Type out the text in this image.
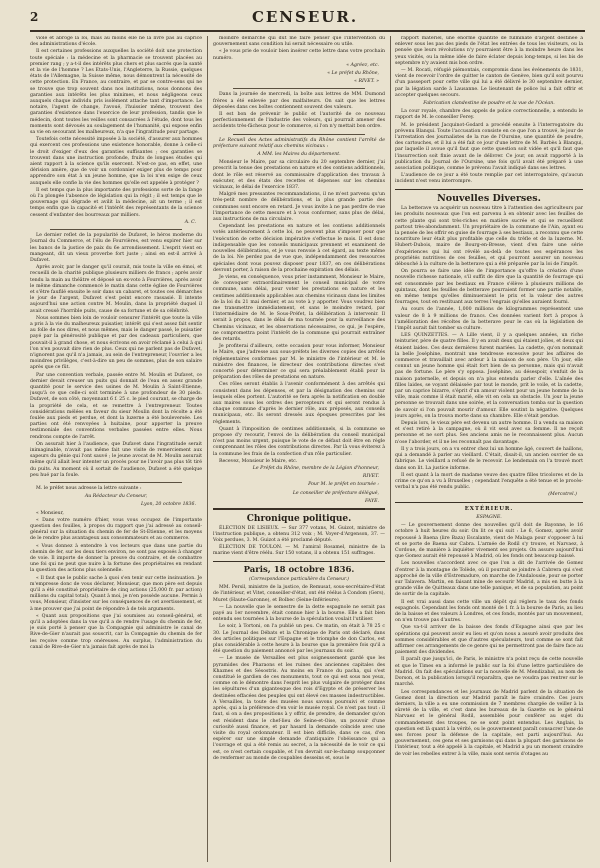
2	CENSEUR.

viole et abroge la loi, mais au moins elle ne la livre pas au caprice des administrations d'école.

Il est certaines professions auxquelles la société doit une protection toute spéciale : la médecine et la pharmacie se trouvent placées au premier rang ; y a-t-il des intérêts plus chers et plus sacrés que la santé et la vie de l'homme ? Les Etats-Unis, l'Angleterre, la Russie, quelques états de l'Allemagne, la Suisse même, nous démontrent la nécessité de cette protection. En France, au contraire, et par se contre-sens qui ne se trouve que trop souvent dans nos institutions, nous donnons des garanties aux intérêts les plus minimes, et nous négligeons ceux auxquels chaque individu pris isolément attache tant d'importance. Le notaire, l'agent de change, l'avoué, l'huissier même, trouvent des garanties d'existence dans l'exercice de leur profession, tandis que le médecin, dont toutes les veilles sont consacrées à l'étude, dont tous les moments sont dévoués au soulagement de l'humanité, qui expose enfin sa vie en secourant les malheureux, n'a que l'ingratitude pour partage.

Toutefois cette nécessité imposée à la société, d'assurer aux hommes qui exercent ces professions une existence honorable, donne à celle-ci le droit d'exiger d'eux des garanties suffisantes ; ces garanties se trouvent dans une instruction profonde, fruits de longues études qui aient rapport à la science qu'ils exercent. N'est-ce pas, en effet, une dérision amère, que de voir un cordonnier exiger plus de temps pour apprendre son état à un jeune homme, que la loi n'en exige de ceux auxquels elle confie la vie des hommes qu'elle est appelée à protéger ?

Il est temps que la plus importante des professions sorte de la fange où l'a plongée l'absence de législation qui la régit ; il est temps que le gouvernage qui dégrade et avilit la médecine, ait un terme ; il est temps enfin que la capacité et l'intérêt des représentants de la science cessent d'enfanter des bourreaux par milliers.

A. C.

Le dernier reflet de la popularité de Dufavet, le héros moderne du Journal du Commerce, et l'élu de Fourvières, est venu expirer hier sur les bancs de la justice de paix du 6e arrondissement. L'esprit vient en mangeant, dit un vieux proverbe fort juste ; ainsi en est-il arrivé à Dufavet.

Après avoir, par le danger qu'il courait, mis toute la ville en émoi, et recueilli de la charité publique plusieurs milliers de francs ; après avoir tendu la main au théâtre et déposé un ex-voto à Fourvières, après avoir le même dimanche commencé le matin dans cette église de Fourvières et s'être faufilé ensuite le soir dans un cabaret, et toutes ces démarches le jour de l'argent, Dufavet s'est peint encore rassasié. Il intente aujourd'hui une action contre M. Moulin, dans la propriété duquel il avait creusé l'horrible puits, cause de sa fortune et de sa célébrité.

Nous sommes bien loin de vouloir censurer l'intérêt que toute la ville a pris à la vie du malheureux puisatier, intérêt qui s'est assez fait sentir au folle de nos dires, et nous mêmes, mais le danger passé, le puisatier payé par la générosité publique et par des cadeaux particuliers, que pouvait-il à grand chose, et nous écrivons en avoir réclamé à celui à qui l'on n'en pouvait dire rien de plus. Ceux qui ne parlent pas de Dufavet, n'ignorent pas qu'il n'a jamais, au sein de l'entrepreneur, l'ouvrier a les moindres privilèges, c'est-à-dire un peu de sommes, plus de son salaire après que ce fût.

Par une convention verbale, passée entre M. Moulin et Dufavet, ce dernier devait creuser un puits qui donnait de l'eau en assez grande quantité pour le service des usines de M. Moulin à Saint-Etienne, jusqu'à ce que celle-ci soit terminée à une profondeur de 30 pieds. Dufavet, de son côté, moyennant 6 f. 25 c. le pied courant, se charge de la propriété de cela, et se remettre à l'entrepreneur. Toutes considérations mélées en faveur du sieur Moulin dont la récolte a été foulée aux pieds et perdue, et dont la luzerne a été bouleversée. Les parties ont été renvoyées à huitaine, pour apporter la preuve testimoniale des conventions verbales passées entre elles. Nous rendrons compte de l'arrêt.

On assurait hier à l'audience, que Dufavet dans l'ingratitude serait inimaginable, n'avait pas même fait une visite de remerciement aux sapeurs du génie qui l'ont sauvé ; le jeune avocat de M. Moulin assurait même qu'il allait leur intenter un procès pour ne l'avoir pas plus tôt tiré du puits. Au moment où il sortait de l'audience, Dufavet a été quelque peu hué par la foule.

M. le préfet nous adresse la lettre suivante :

Au Rédacteur du Censeur,
Lyon, 20 octobre 1836.

« Monsieur,

« Dans votre numéro d'hier, vous vous occupez de l'importante question des fouilles, à propos du rapport que j'ai adressé au conseil-général sur la situation du chemin de fer de St-Etienne, et les moyens de le rendre plus avantageux aux consommateurs et au commerce.

« Vous donnez à entendre à vos lecteurs que dans une partie du chemin de fer, sur les deux tiers environ, ne sont pas exposés à changer de voie. Il importe de donner la preuve du contraire, et de combattre une foi qui ne peut que nuire à la fortune des propriétaires en rendant la question des actions plus solennelle.

« Il faut que le public sache à quoi s'en tenir sur cette insinuation. Je m'empresse donc de vous déclarer, Monsieur, que mon père est depuis qu'il a été constitué propriétaire de cinq actions (25,000 fr. par action) millions du capital total). Quant à moi, je n'en possède aucune. Permis à vous, Monsieur, d'insister sur les conséquences de cet avertissement, et à me prouver que j'ai point de répondre à de tels arguments.

« Quant aux propositions que j'ai soumises au conseil-général, et qu'il a adoptées dans la vue qu'il a de rendre l'usage du chemin de fer, je suis porté à penser que la Compagnie qui administre le canal de Rive-de-Gier n'aurait pas souscrit, car la Compagnie du chemin de fer les reçoive comme trop onéreuses. Au surplus, l'administration du canal de Rive-de-Gier n'a jamais fait après de moi la

moindre démarche qui dût me faire penser que l'intervention du gouvernement sans condition lui serait nécessaire ou utile.

« Je vous prie de vouloir bien insérer cette lettre dans votre prochain numéro.

« Agréez, etc.
« Le préfet du Rhône,
« RIVET. »

Dans la journée de mercredi, la boîte aux lettres de MM. Dumond frères a été enlevée par des malfaiteurs. On sait que les lettres déposées dans ces boîtes contiennent souvent des valeurs.

Il est bon de prévenir le public et l'autorité de ce nouveau perfectionnement de l'industrie des voleurs, qui pourrait amener des accidents très-fâcheux pour le commerce, si l'on n'y mettait bon ordre.

Le Recueil des Actes administratifs du Rhône contient l'arrêté de préfecture suivant relatif aux chemins vicinaux :

A MM. les Maires du département.

Monsieur le Maire, par sa circulaire du 20 septembre dernier, j'ai prescrit la tenue des prestations en nature et des contiens additionnels, dont le rôle est réservé au commissaire d'application des travaux à exécuter, et des états des recettes et dépenses sur les chemins vicinaux, le délai de l'exercice 1837.

Malgré mes pressantes recommandations, il ne m'est parvenu qu'un très-petit nombre de délibérations, et la plus grande partie des communes sont encore en retard. Je vous invite à ne pas perdre de vue l'importance de cette mesure et à vous conformer, sans plus de délai, aux instructions de ma circulaire.

Cependant les prestations en nature et les contiens additionnels votés antérieurement à cette loi, ne peuvent plus s'imposer pour que l'exécution de cette décision impérative s'effectue le mois. Il est donc indispensable que les conseils municipaux prennent et examinent de nouvelles délibérations, et je vous renvoie à cet égard, au texte même de la loi. Ne perdez pas de vue que, indépendamment des ressources spéciales dont vous pouvez disposer pour 1837, en ces délibérations devront porter, à raison de la prochaine expiration des délais.

Je viens, en conséquence, vous prier instamment, Monsieur le Maire, de convoquer extraordinairement le conseil municipal de votre commune, sans délai, pour voter les prestations en nature et les centimes additionnels applicables aux chemins vicinaux dans les limites de la loi du 21 mai dernier, et au vote à y apporter. Vous voudrez bien me transmettre immédiatement, et sans le moindre retard, par l'intermédiaire de M. le Sous-Préfet, la délibération à intervenir. Il serait à propos, dans le délai de ma tournée pour la surveillance des Chemins vicinaux, et les observations nécessaires, ce qui, je l'espère, ne compromettra point l'intérêt de la commune qui pourrait entraîner des retards.

Je profiterai d'ailleurs, cette occasion pour vous informer, Monsieur le Maire, que j'adresse aux sous-préfets les diverses copies des arrêtés réglementaires conformes par M. le ministre de l'intérieur et M. le ministre des finances, le directeur des contributions directes s'est concerté pour déterminer ce qui sera préalablement établi pour la préparation des rôles de prestations en nature.

Ces rôles seront établis à l'avenir conformément à des arrêtés qui consistent dans les dépenses, et par la désignation des chemins sur lesquels elles portent. L'autorité se fera après la notification en double aux maires sous les ordres des percepteurs et qui seront rendus à chaque commune d'après le dernier rôle, aux préposés, aux conseils municipaux, etc. Ils seront dressés aux époques prescrites par les règlements.

Quant à l'imposition de centimes additionnels, si la commune se propose d'y recourir, l'envoi de la délibération du conseil municipal n'est pas moins urgent, puisque le vote de ce défaut doit être en règle comprennant les rôles des contributions directes. Par là vous éviterez à la commune les frais de la confection d'un rôle particulier.

Recevez, Monsieur le Maire, etc.

Le Préfet du Rhône, membre de la Légion d'honneur,
RIVET.
Pour M. le préfet en tournée :
Le conseiller de préfecture délégué,
FAYE.
Chronique politique.

ÉLECTION DE LISIEUX. — Sur 377 votans, M. Guizot, ministre de l'instruction publique, a obtenu 312 voix ; M. Voyer-d'Argenson, 37. — Voix perdues, 3. M. Guizot a été proclamé député.

ÉLECTION DE TOULON. — M. l'amiral Rosamel, ministre de la marine vient d'être réélu. Sur 150 votans, il a obtenu 151 suffrages.

Paris, 18 octobre 1836.
(Correspondance particulière du Censeur.)

MM. Persil, ministre de la justice, de Remusat, sous-secrétaire-d'état de l'intérieur, et Vitet, conseiller-d'état, ont été réélus à Condom (Gers), Muret (Haute-Garonne), et Bolbec (Seine-Inférieure).

— La nouvelle que le semestre de la dette espagnole ne serait pas payé au 1er novembre, était connue hier à la bourse. Elle a fait bien entendu ses tournées à la bourse de la spéculation voulait l'utiliser.

Le soir, à Tortoni, on l'a publié un peu. Ce matin, on était à 78 25 c 30. Le Journal des Débats et la Chronique de Paris ont déclaré, dans des articles politiques sur l'Espagne et le triomphe de don Carlos, est plus considérable à cette heure à la bourse que la première fois qu'il a été question du paiement annoncé par les journaux du soir.

— Le musée de Versailles est plus soigneusement gardé que les pyramides des Pharaons et les ruines des anciennes capitales des Khaznes et des Sésostris. Au moins en France du pacha, qui s'est constitué le gardien de ces monuments, tout ce qui est sous nos yeux, comme on le démontre dans l'esprit les plus vulgaire de protéger dans les sépultures d'un gigantesque des rois d'Egypte et de préserver les destinées effacées des peuples qui ont élevé ces masses indestructibles. A Versailles, la toute des musées nous savons poursuivi et comme après, qui a la préférence d'en voir le musée royal. Ce n'est pas tout : il faut, si on a des propositions à y offrir, de prendre, de demander qu'on est résident dans le chef-lieu de Seine-et-Oise, un pouvoir d'une curiosité aussi finance, et par hasard la demande coïncide avec une visite du royal ordonnateur. Il est bien difficile, dans ce cas, d'en espérer sur une simple demande d'antiquaire l'obéissance qui a l'ouvrage et qui a été remis au secret, a la nécessité de le voir ce qui est, ce n'est certain coupable, et l'on devrait sur-le-champ soupçonner de renfermer au monde de coupables desseins et, sous le

rapport matériel, une énorme quantité de fulminate d'argent destinée à enlever sous les pas des pieds de l'état les entrées de tous les visiteurs, ou la pensée que leurs révolutions n'y pourraient être à la moindre heure dans les yeux visités, ou la même idée de faire éclater depuis long-temps, si les bis de septembre n'y avaient mis bon ordre.

— M. Rocati, réfugié piémontais, compromis dans les événements de 1831, vient de recevoir l'ordre de quitter le canton de Genève, bien qu'il soit pourvu d'un passeport pour cette ville qui lui a été délivré le 30 septembre dernier, par la légation sarde à Lausanne. Le lieutenant de police lui a fait offrir et accepter quelques secours.

Fabrication clandestine de poudre et la vue de l'Océan.

La cour royale, chambre des appels de police correctionnelle, a entendu le rapport de M. le conseiller Ferey.

M. le président Jacquinot-Godard a procédé ensuite à l'interrogatoire du prévenu Blanqui. Toute l'accusation consiste en ce que l'on a trouvé, le jour de l'arrestation des journalistes de la rue de l'Oursine, une quantité de poudre, des cartouches, et il lui a été fait ce jour d'une lettre de M. Barbès à Blanqui, par laquelle il avoue qu'il faut que cette question soit vidée et qu'il faut que l'insurrection soit finie avant de le délivrer. Ce jour, on avait rapporté à la publication du Journal de l'Oursine, une fois qu'il avait été préparé à une association politique, comme le prévenu l'avait indiqué dans ses lettres.

L'audience de ce jour a été toute remplie par cet interrogatoire, qu'aucun incident n'est venu interrompre.

Nouvelles Diverses.

La betterave va acquérir un nouveau titre à l'attention des agriculteurs par les produits nouveaux que l'on est parvenu à en obtenir avec les feuilles de cette plante qui sont très-riches en matière sucrée et qui se recueillent partout très-abondamment. Un propriétaire de la commune de l'Ain, ayant eu la pensée de les offrir en guise de fourrage à ses bestiaux, a reconnu que cette nourriture leur était plus profitable que celle du trèfle et de la luzerne. M. Hubert-Dubois, maire de Bourg-en-Bresse, vient d'en faire une série d'expériences qui lui ont révélé au-delà de toutes ses espérances les propriétés nutritives de ces feuilles, et qui pourront assurer un nouveau débouché à la culture de la betterave qui a été préparée par la loi de l'impôt.

On pourra se faire une idée de l'importance qu'offre la création d'une nouvelle richesse nationale, s'il suffit de dire que la quantité de fourrage qui est consommée par les bestiaux en France s'élève à plusieurs millions de quintaux, dont les feuilles de betterave pourraient former une partie notable, en même temps qu'elles diminueraient le prix et la valeur des autres fourrages, tout en restituant aux terres l'engrais qu'elles auraient fourni.

Au cours de l'année, 1,000 millions de kilogrammes représentent une valeur de 8 à 9 millions de francs. Ces données varient fort à propos à l'amélioration des récoltes de la betterave pour le cas où la législation de l'impôt aurait fait tomber sa culture.

LES QUINZETTES. — A Lille vient, il y a quelques années, un riche teinturier, père de quatre filles. Il y en avait deux qui étaient jolies, et deux qui étaient laides. Ces deux dernières furent mariées. La cadette, qu'on nommait la belle Joséphine, montrait une tendresse excessive pour les affaires de commerce et travaillait avec ardeur à la maison de son père. Un jour, elle connut un jeune homme qui était fort bien de sa personne, mais qui n'avait pas de fortune. Le père s'y opposa. Joséphine, au désespoir, s'enfuit de la maison paternelle, et depuis on n'a plus entendu parler d'elle. L'aînée des filles laides, se voyant délaissée par tout le monde, prit le voile, et la cadette, par un caprice bizarre, s'éprit d'un amour violent pour un jeune homme de la ville, mais comme il était marié, elle vit en cela un obstacle. Un jour la jeune personne se trouvait dans une soirée, et la conversation tomba sur la question de savoir si l'on pouvait mourir d'amour. Elle soutint la négative. Quelques jours après, on la trouva morte dans sa chambre. Elle s'était pendue.

Depuis lors, le vieux père est devenu un autre homme. Il a vendu sa maison et s'est retiré à la campagne, où il vit seul avec sa femme. Il ne reçoit personne et ne sort plus. Ses anciens amis ne le reconnaissent plus. Aucun n'ose l'aborder, et il ne les reconnaît pas davantage.

Il y a trois jours, on a vu entrer chez lui un homme âgé, couvert de haillons, qui a demandé à parler au vieillard. C'était, disait-il, un ancien ouvrier de sa fabrique. Le vieillard a refusé de le recevoir. Le lendemain on l'a trouvé mort dans son lit. La justice informe.

Il est quant à la mort de madame veuve des quatre filles tricolores et de la crime ce qu'on a vu à Bruxelles ; cependant l'enquête a été tenue et le procès-verbal n'a pas été rendu public.

(Mercotrel.)
EXTÉRIEUR.
ESPAGNE.

— Le gouvernement donne des nouvelles qu'il doit de Bayonne, le 16 octobre à huit heures du soir. On lit ce qui suit : Le 6, Gomez, après avoir repoussé à Baena (lire Baza) Escalante, vient de Malaga pour s'opposer à lui et se porte de Baena sur Cabra. L'armée de Rodil s'y trouve, et Narvaez, à Cordoue, de manière à inquiéter vivement ses projets. On assure aujourd'hui que Gomez aurait été repoussé à Madrid, où les fonds ont beaucoup baissé.

Les nouvelles s'accordent avec ce que l'on a dit de l'arrivée de Gomez d'entrer à la montagne de Tolède, où il pourrait se joindre à Cabrera qui s'est approché de la ville d'Estremadure, on marche de l'Andalousie, pour se porter sur Talavera. Martin, en faisant mine de secourir Madrid, a mis en butte à la grande ville de Quitteaux dans une telle panique, et de sa population, au point de sortir de la capitale.

Il est vrai aussi dans cette ville un dépôt qui réglera le taux des fonds espagnols. Cependant les fonds ont monté de 1 fr. à la bourse de Paris, au lieu de la baisse et des valeurs à Londres, et ces fonds, montés par un mouvement, on n'en trouve pas d'autres.

Que va-t-il arriver de la baisse des fonds d'Espagne ainsi que par les opérations qui peuvent avoir eu lieu et qu'on nous a assuré avoir produits des sommes considérables et que d'autres spéculateurs, tout comme se sont fait affirmer ces arrangements de ce genre qui ne permettront pas de faire face au paiement des dividendes.

Il paraît que jusqu'ici, de Paris, le ministre n'a point reçu de cette nouvelle et que le Times en a informé le public sur la foi d'une lettre particulière de Madrid. On fait des spéculations sur la nouvelle de M. Mendizabal, au nom de Dorson, et la publication lorsqu'il reparaîtra, que ne voudra pas rentrer sur le marché.

Les correspondances et les journaux de Madrid parlent de la situation de Gomez dont la direction sur Madrid paraît le faire craindre. Ces jours derniers, la ville a eu une commission de 7 membres chargée de veiller à la sûreté de la ville, et c'est dans les bureaux de la Gazette ou le général Narvaez et le général Rodil, assemblés pour conférer au sujet du commandement des troupes, ne se sont point entendus. Les Anglais, la question est là quant à la vérité, ou le gouvernement paraît consacrer l'une de ses forces pour la défense de la capitale, est parti aujourd'hui. Au gouvernement, ces gens et ses garnisons qui dans la plupart des garnisons de l'intérieur, tout a été appelé à la capitale, et Madrid a pu un moment craindre de voir les rebelles entrer à la ville, mais sont servis d'otages au
